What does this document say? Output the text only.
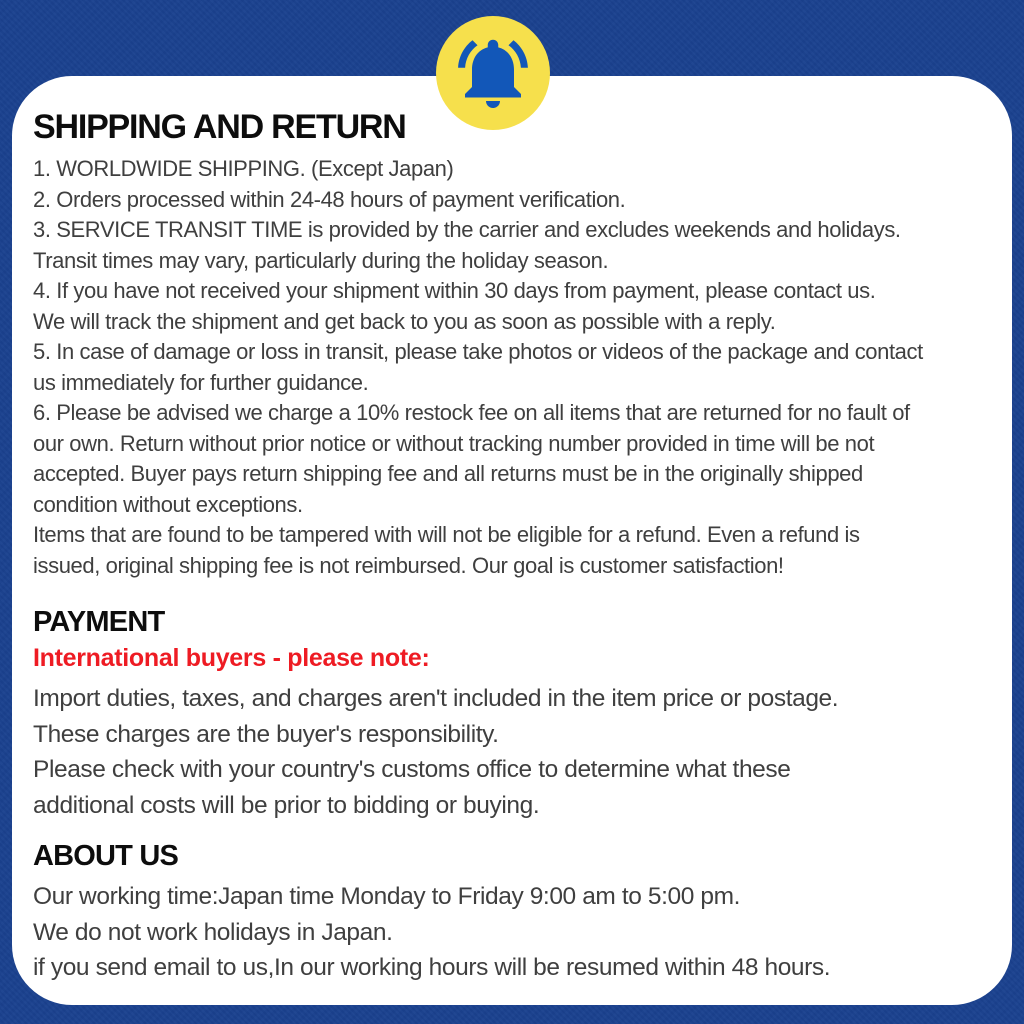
SHIPPING AND RETURN
1. WORLDWIDE SHIPPING. (Except Japan)
2. Orders processed within 24-48 hours of payment verification.
3. SERVICE TRANSIT TIME is provided by the carrier and excludes weekends and holidays.
Transit times may vary, particularly during the holiday season.
4. If you have not received your shipment within 30 days from payment, please contact us.
We will track the shipment and get back to you as soon as possible with a reply.
5. In case of damage or loss in transit, please take photos or videos of the package and contact
us immediately for further guidance.
6. Please be advised we charge a 10% restock fee on all items that are returned for no fault of
our own. Return without prior notice or without tracking number provided in time will be not
accepted. Buyer pays return shipping fee and all returns must be in the originally shipped
condition without exceptions.
Items that are found to be tampered with will not be eligible for a refund. Even a refund is
issued, original shipping fee is not reimbursed. Our goal is customer satisfaction!
PAYMENT
International buyers - please note:
Import duties, taxes, and charges aren't included in the item price or postage.
These charges are the buyer's responsibility.
Please check with your country's customs office to determine what these
additional costs will be prior to bidding or buying.
ABOUT US
Our working time:Japan time Monday to Friday 9:00 am to 5:00 pm.
We do not work holidays in Japan.
if you send email to us,In our working hours will be resumed within 48 hours.
